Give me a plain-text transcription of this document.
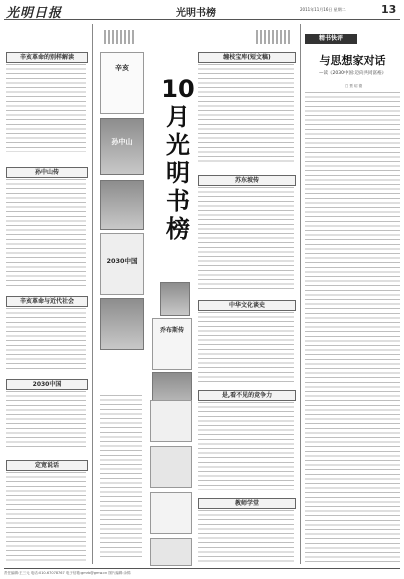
光明日报	光明书榜	2011年11月16日 星期二	13
辛亥革命的别样解读
孙中山传
辛亥革命与近代社会
2030中国
定宽说话
辛亥
孙中山
2030中国
乔布斯传
10月光明书榜
缠枝宝库(短文稿)
苏东坡传
中华文化谈史
是,看不见的竞争力
教师学堂
精书快评
与思想家对话
—读《2030中国:迈向共同富裕》
□ 贾 绍 德
责任编辑:王三元 电话:010-67078767 电子信箱:gmrb@gmw.cn 图片编辑:余锦
